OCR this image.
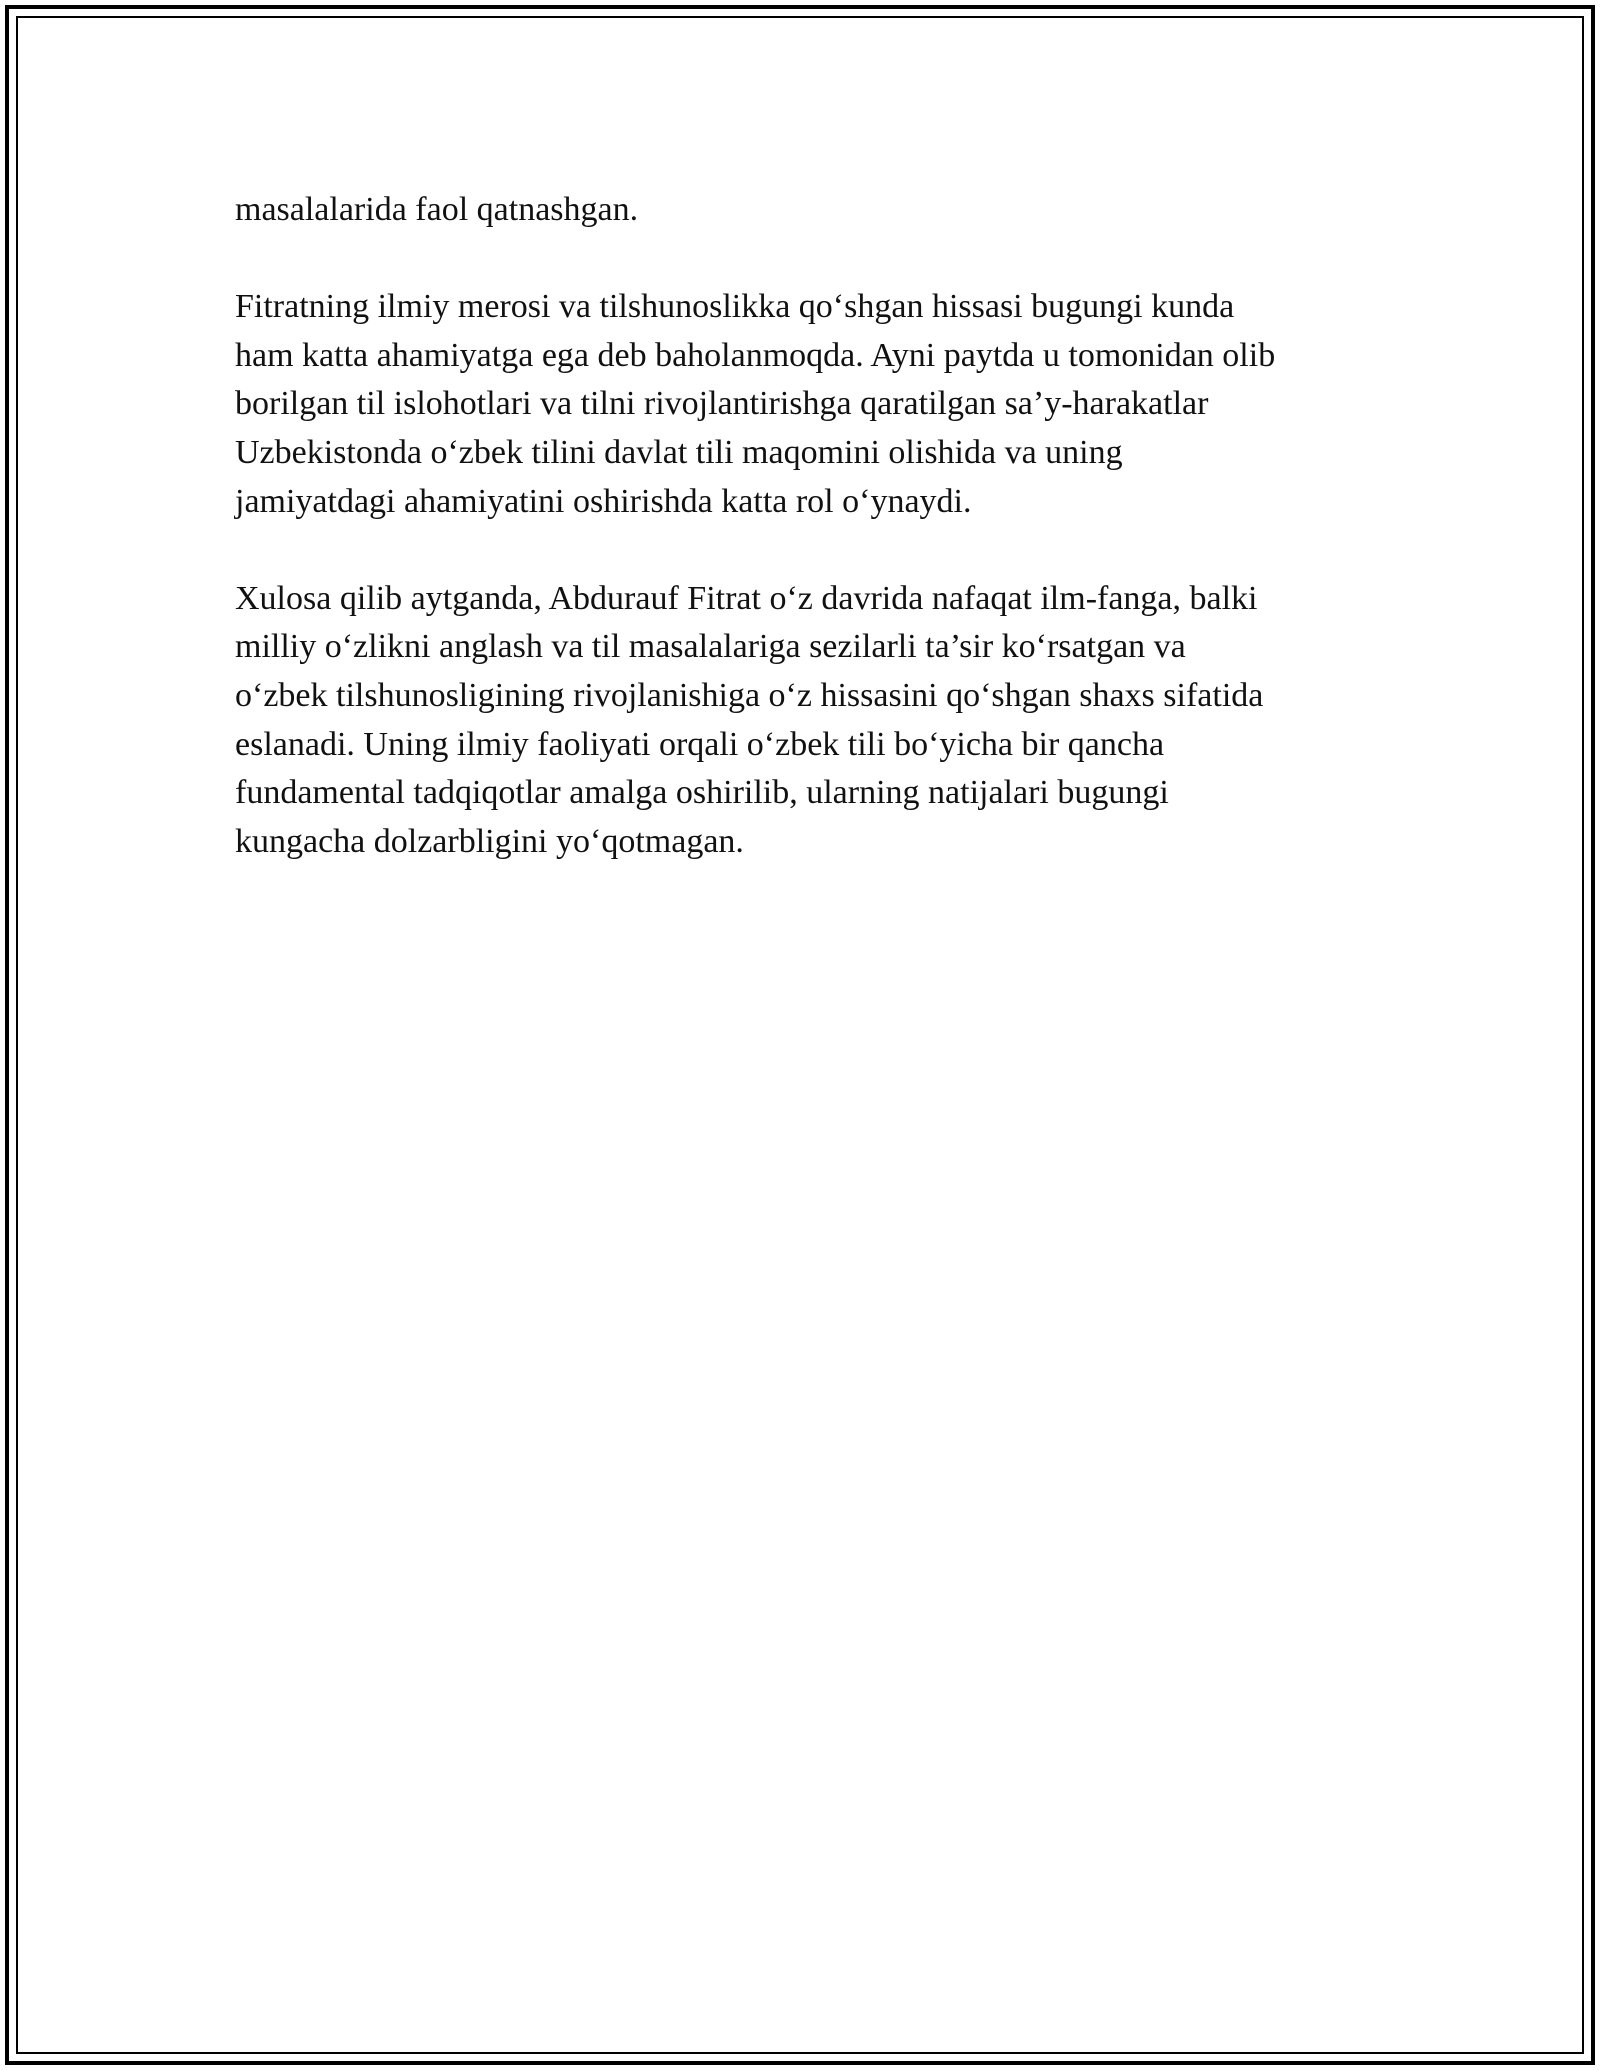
masalalarida faol qatnashgan.

Fitratning ilmiy merosi va tilshunoslikka qo‘shgan hissasi bugungi kunda
ham katta ahamiyatga ega deb baholanmoqda. Ayni paytda u tomonidan olib
borilgan til islohotlari va tilni rivojlantirishga qaratilgan sa’y-harakatlar
Uzbekistonda o‘zbek tilini davlat tili maqomini olishida va uning
jamiyatdagi ahamiyatini oshirishda katta rol o‘ynaydi.

Xulosa qilib aytganda, Abdurauf Fitrat o‘z davrida nafaqat ilm-fanga, balki
milliy o‘zlikni anglash va til masalalariga sezilarli ta’sir ko‘rsatgan va
o‘zbek tilshunosligining rivojlanishiga o‘z hissasini qo‘shgan shaxs sifatida
eslanadi. Uning ilmiy faoliyati orqali o‘zbek tili bo‘yicha bir qancha
fundamental tadqiqotlar amalga oshirilib, ularning natijalari bugungi
kungacha dolzarbligini yo‘qotmagan.
